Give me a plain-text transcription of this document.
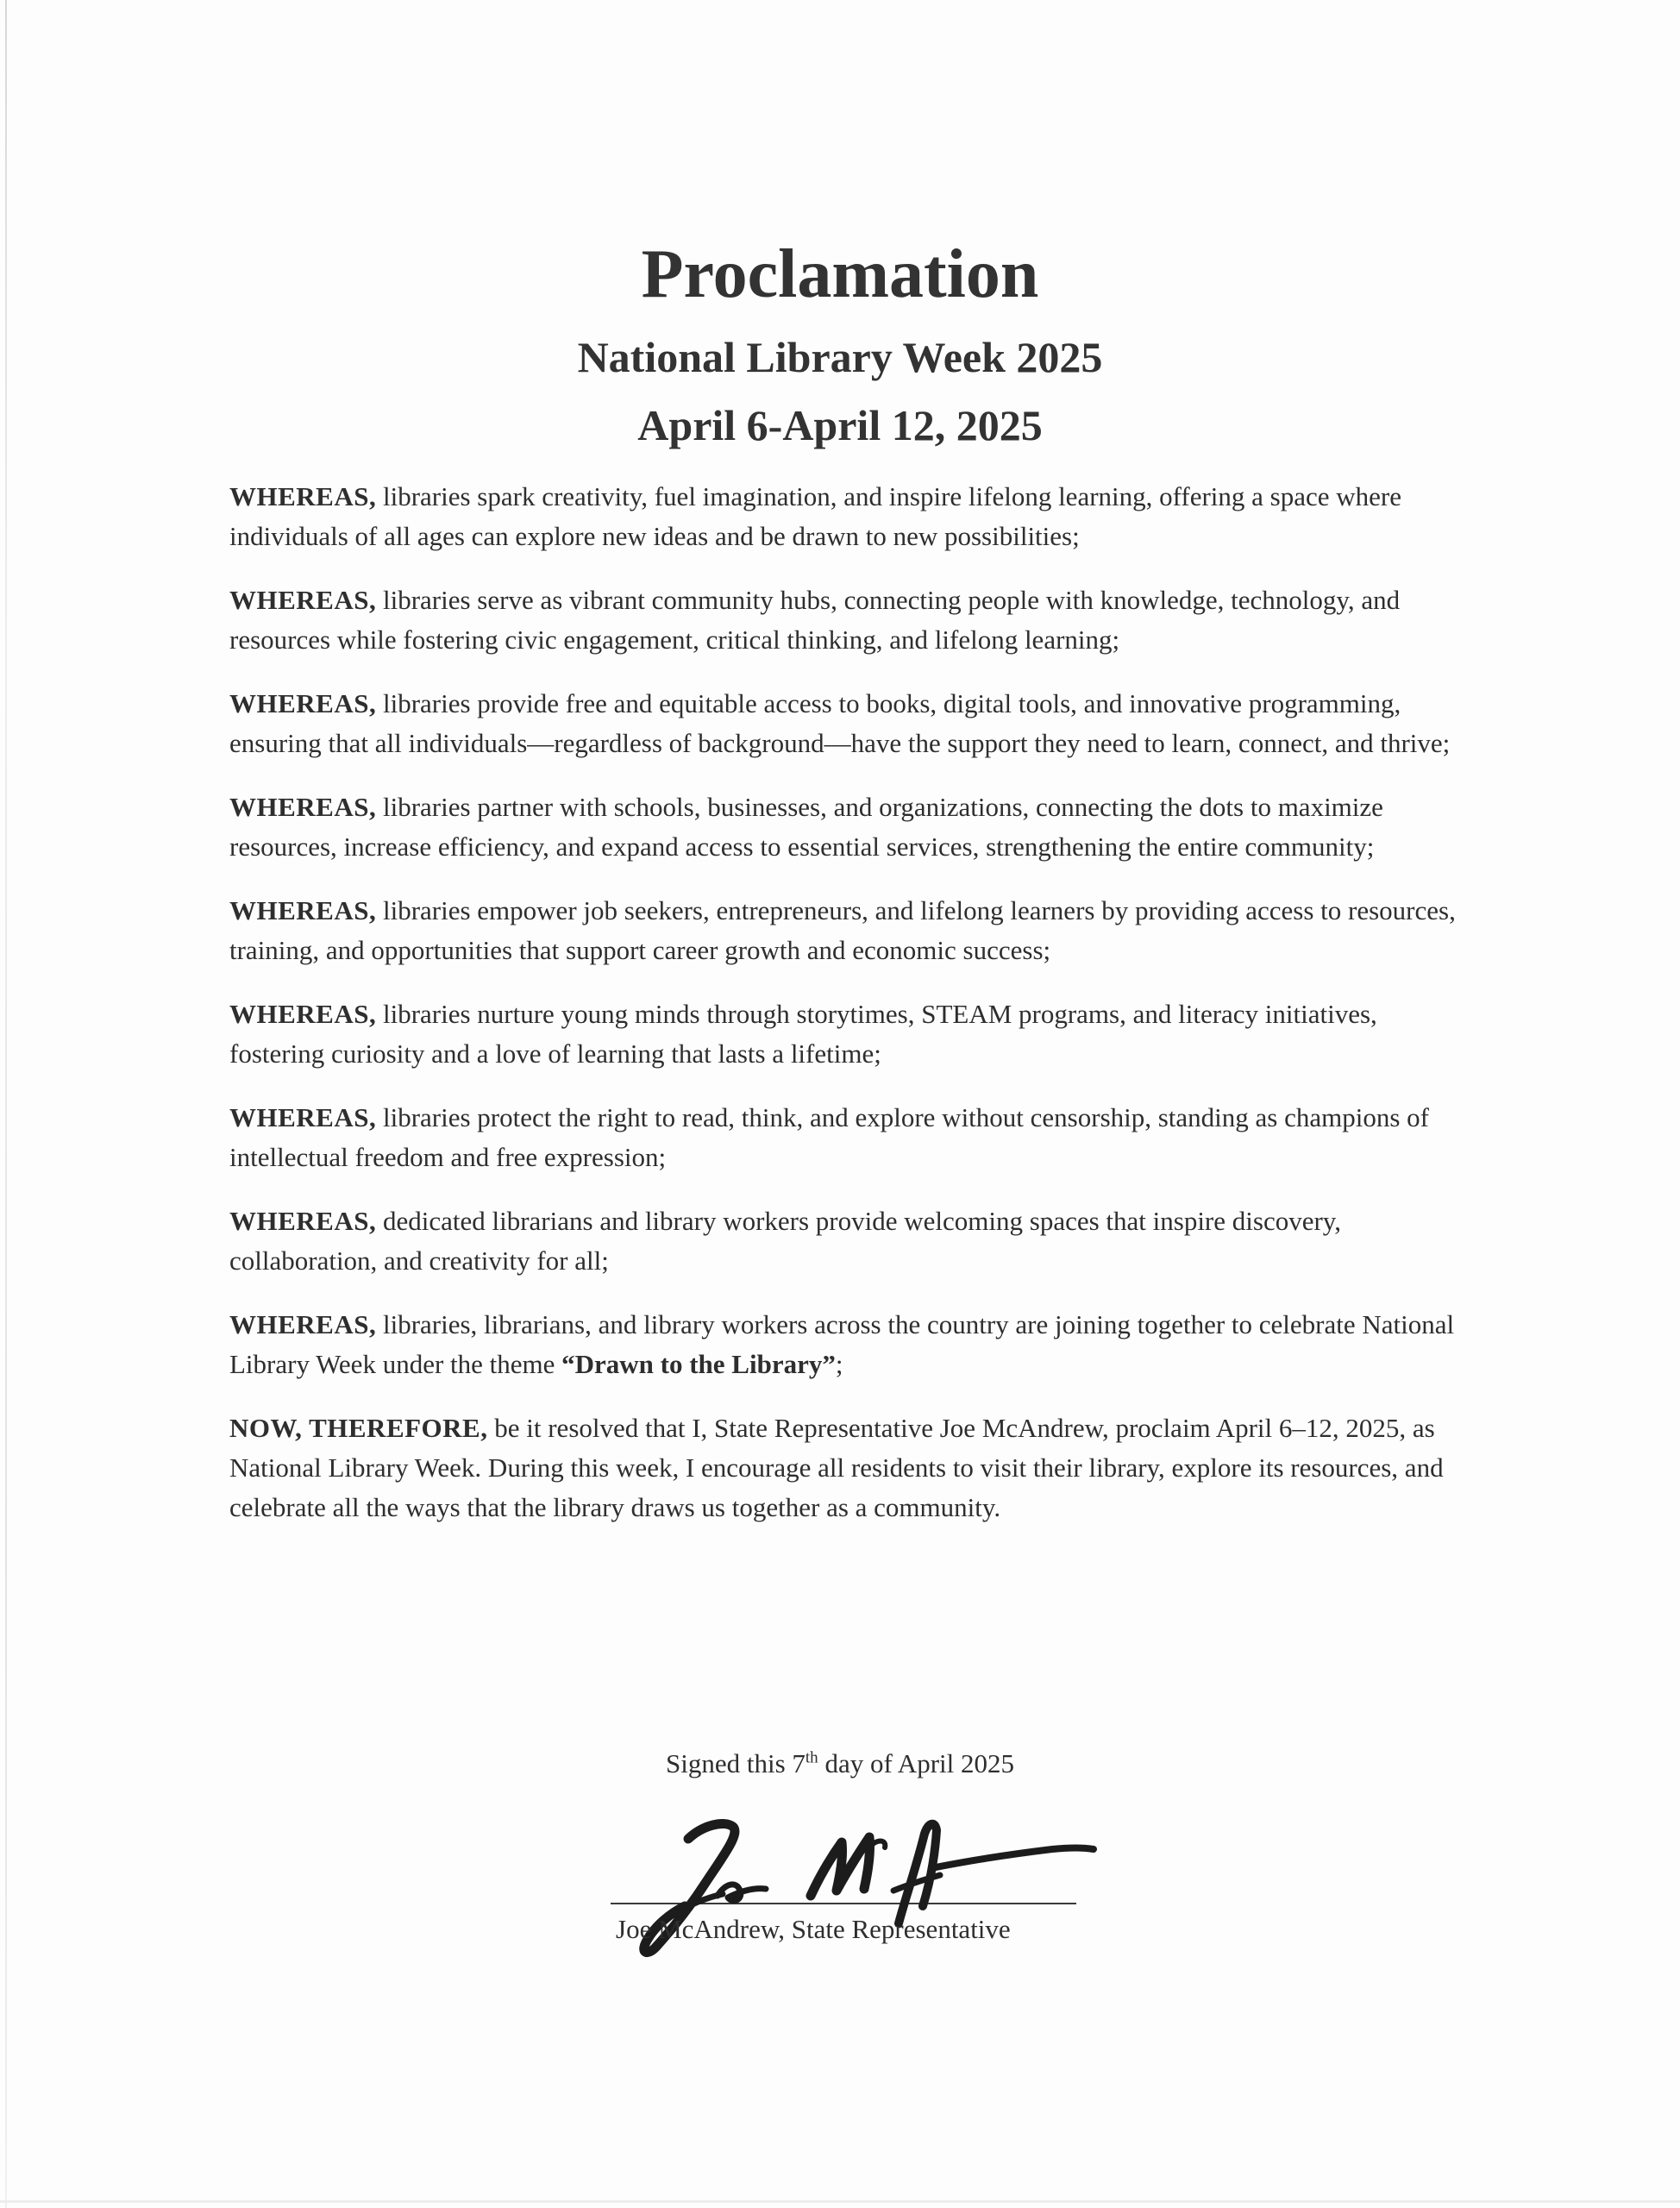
Proclamation
National Library Week 2025
April 6-April 12, 2025

WHEREAS, libraries spark creativity, fuel imagination, and inspire lifelong learning, offering a space where individuals of all ages can explore new ideas and be drawn to new possibilities;

WHEREAS, libraries serve as vibrant community hubs, connecting people with knowledge, technology, and resources while fostering civic engagement, critical thinking, and lifelong learning;

WHEREAS, libraries provide free and equitable access to books, digital tools, and innovative programming, ensuring that all individuals—regardless of background—have the support they need to learn, connect, and thrive;

WHEREAS, libraries partner with schools, businesses, and organizations, connecting the dots to maximize resources, increase efficiency, and expand access to essential services, strengthening the entire community;

WHEREAS, libraries empower job seekers, entrepreneurs, and lifelong learners by providing access to resources, training, and opportunities that support career growth and economic success;

WHEREAS, libraries nurture young minds through storytimes, STEAM programs, and literacy initiatives, fostering curiosity and a love of learning that lasts a lifetime;

WHEREAS, libraries protect the right to read, think, and explore without censorship, standing as champions of intellectual freedom and free expression;

WHEREAS, dedicated librarians and library workers provide welcoming spaces that inspire discovery, collaboration, and creativity for all;

WHEREAS, libraries, librarians, and library workers across the country are joining together to celebrate National Library Week under the theme “Drawn to the Library”;

NOW, THEREFORE, be it resolved that I, State Representative Joe McAndrew, proclaim April 6–12, 2025, as National Library Week. During this week, I encourage all residents to visit their library, explore its resources, and celebrate all the ways that the library draws us together as a community.

Signed this 7th day of April 2025
Joe McAndrew, State Representative
